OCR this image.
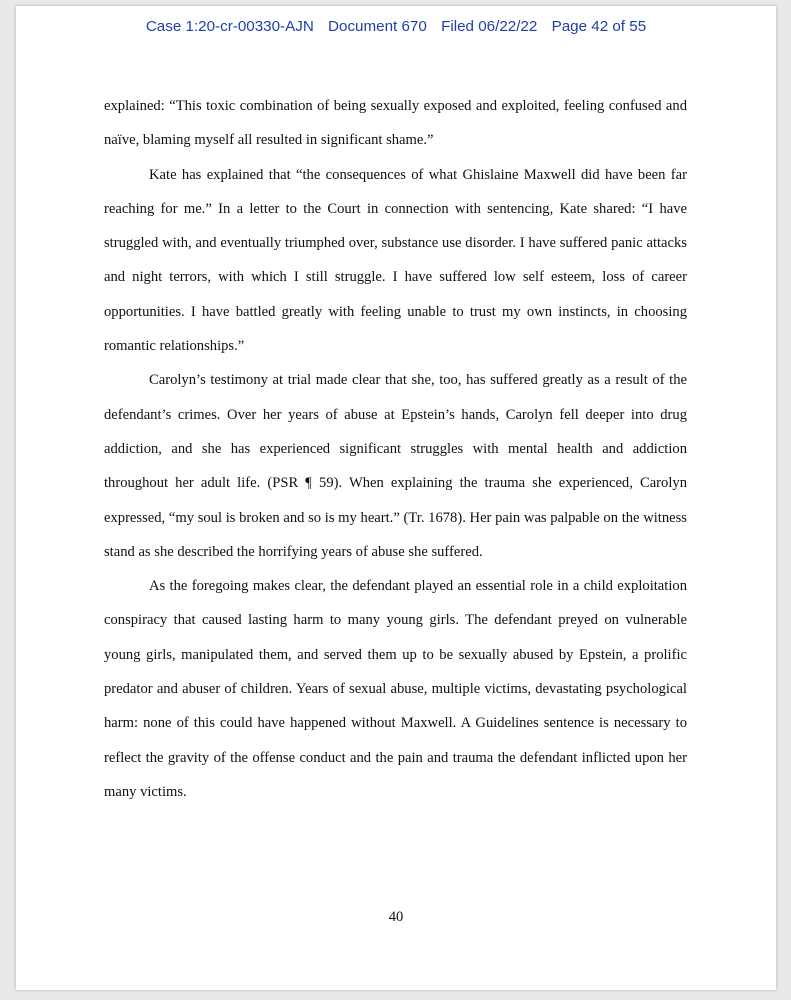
Case 1:20-cr-00330-AJN Document 670 Filed 06/22/22 Page 42 of 55

explained: “This toxic combination of being sexually exposed and exploited, feeling confused and naïve, blaming myself all resulted in significant shame.”

Kate has explained that “the consequences of what Ghislaine Maxwell did have been far reaching for me.” In a letter to the Court in connection with sentencing, Kate shared: “I have struggled with, and eventually triumphed over, substance use disorder. I have suffered panic attacks and night terrors, with which I still struggle. I have suffered low self esteem, loss of career opportunities. I have battled greatly with feeling unable to trust my own instincts, in choosing romantic relationships.”

Carolyn’s testimony at trial made clear that she, too, has suffered greatly as a result of the defendant’s crimes. Over her years of abuse at Epstein’s hands, Carolyn fell deeper into drug addiction, and she has experienced significant struggles with mental health and addiction throughout her adult life. (PSR ¶ 59). When explaining the trauma she experienced, Carolyn expressed, “my soul is broken and so is my heart.” (Tr. 1678). Her pain was palpable on the witness stand as she described the horrifying years of abuse she suffered.

As the foregoing makes clear, the defendant played an essential role in a child exploitation conspiracy that caused lasting harm to many young girls. The defendant preyed on vulnerable young girls, manipulated them, and served them up to be sexually abused by Epstein, a prolific predator and abuser of children. Years of sexual abuse, multiple victims, devastating psychological harm: none of this could have happened without Maxwell. A Guidelines sentence is necessary to reflect the gravity of the offense conduct and the pain and trauma the defendant inflicted upon her many victims.

40
